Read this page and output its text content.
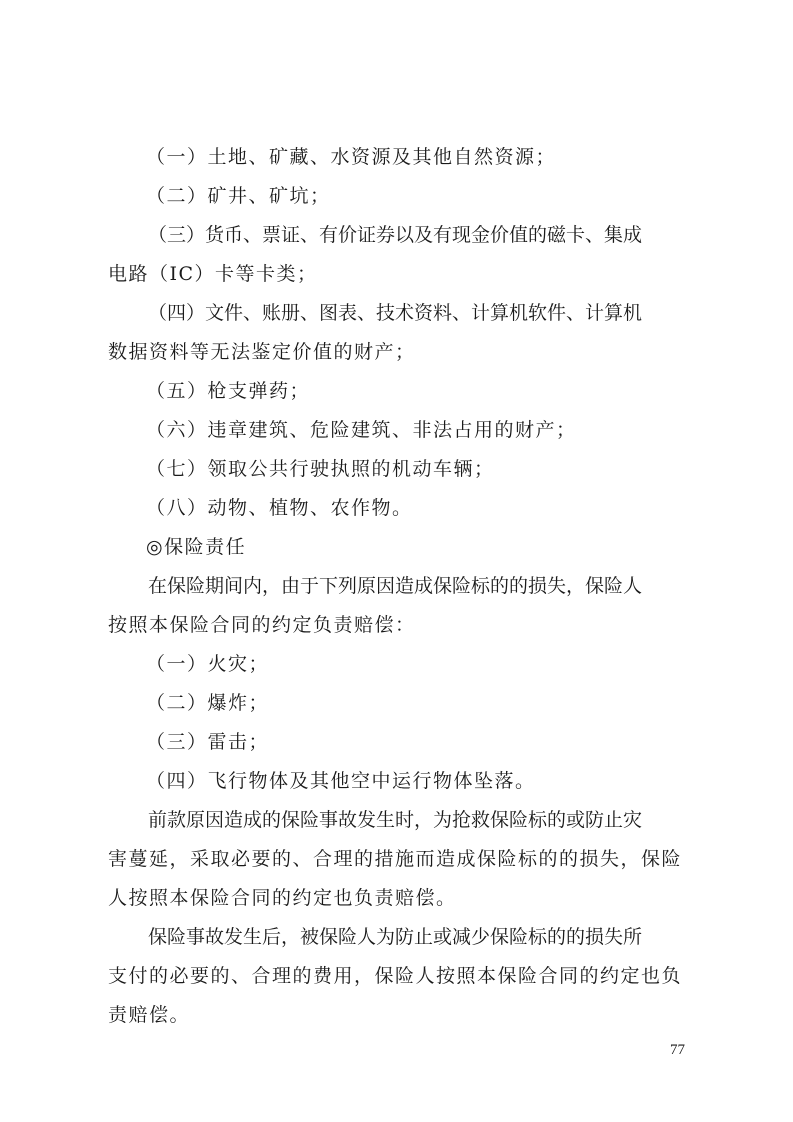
（一）土地、矿藏、水资源及其他自然资源；
（二）矿井、矿坑；
（三）货币、票证、有价证券以及有现金价值的磁卡、集成
电路（IC）卡等卡类；
（四）文件、账册、图表、技术资料、计算机软件、计算机
数据资料等无法鉴定价值的财产；
（五）枪支弹药；
（六）违章建筑、危险建筑、非法占用的财产；
（七）领取公共行驶执照的机动车辆；
（八）动物、植物、农作物。
◎保险责任
在保险期间内，由于下列原因造成保险标的的损失，保险人
按照本保险合同的约定负责赔偿：
（一）火灾；
（二）爆炸；
（三）雷击；
（四）飞行物体及其他空中运行物体坠落。
前款原因造成的保险事故发生时，为抢救保险标的或防止灾
害蔓延，采取必要的、合理的措施而造成保险标的的损失，保险
人按照本保险合同的约定也负责赔偿。
保险事故发生后，被保险人为防止或减少保险标的的损失所
支付的必要的、合理的费用，保险人按照本保险合同的约定也负
责赔偿。
77
